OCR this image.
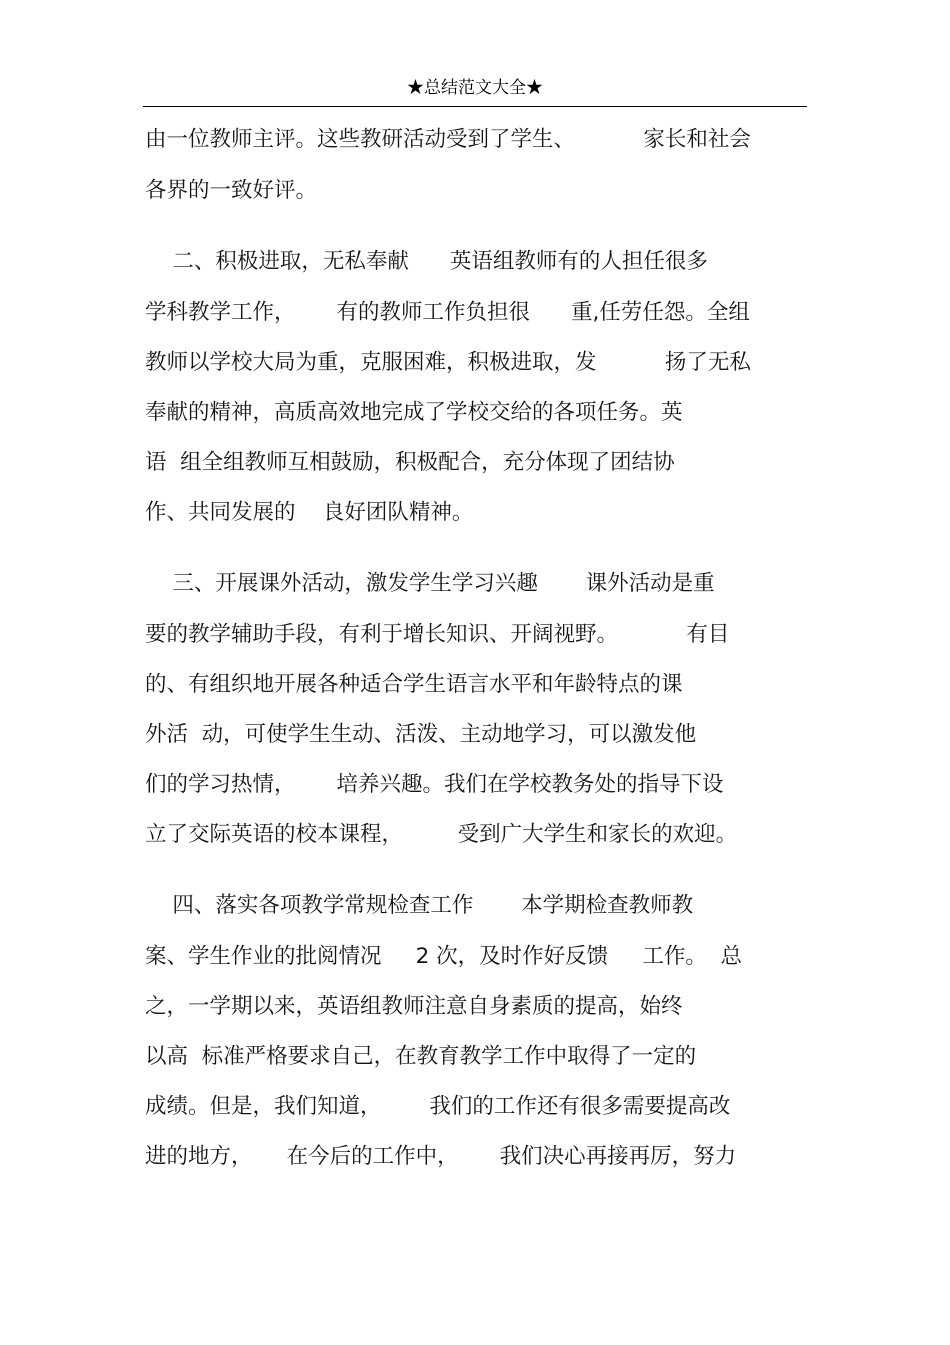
★总结范文大全★
由一位教师主评。这些教研活动受到了学生、          家长和社会
各界的一致好评。
二、积极进取，无私奉献      英语组教师有的人担任很多
学科教学工作，      有的教师工作负担很      重,任劳任怨。全组
教师以学校大局为重，克服困难，积极进取，发          扬了无私
奉献的精神，高质高效地完成了学校交给的各项任务。英
语  组全组教师互相鼓励，积极配合，充分体现了团结协
作、共同发展的    良好团队精神。
三、开展课外活动，激发学生学习兴趣       课外活动是重
要的教学辅助手段，有利于增长知识、开阔视野。          有目
的、有组织地开展各种适合学生语言水平和年龄特点的课
外活  动，可使学生生动、活泼、主动地学习，可以激发他
们的学习热情，      培养兴趣。我们在学校教务处的指导下设
立了交际英语的校本课程，        受到广大学生和家长的欢迎。
四、落实各项教学常规检查工作       本学期检查教师教
案、学生作业的批阅情况     2 次，及时作好反馈     工作。  总
之，一学期以来，英语组教师注意自身素质的提高，始终
以高  标准严格要求自己，在教育教学工作中取得了一定的
成绩。但是，我们知道，       我们的工作还有很多需要提高改
进的地方，     在今后的工作中，      我们决心再接再厉，努力
